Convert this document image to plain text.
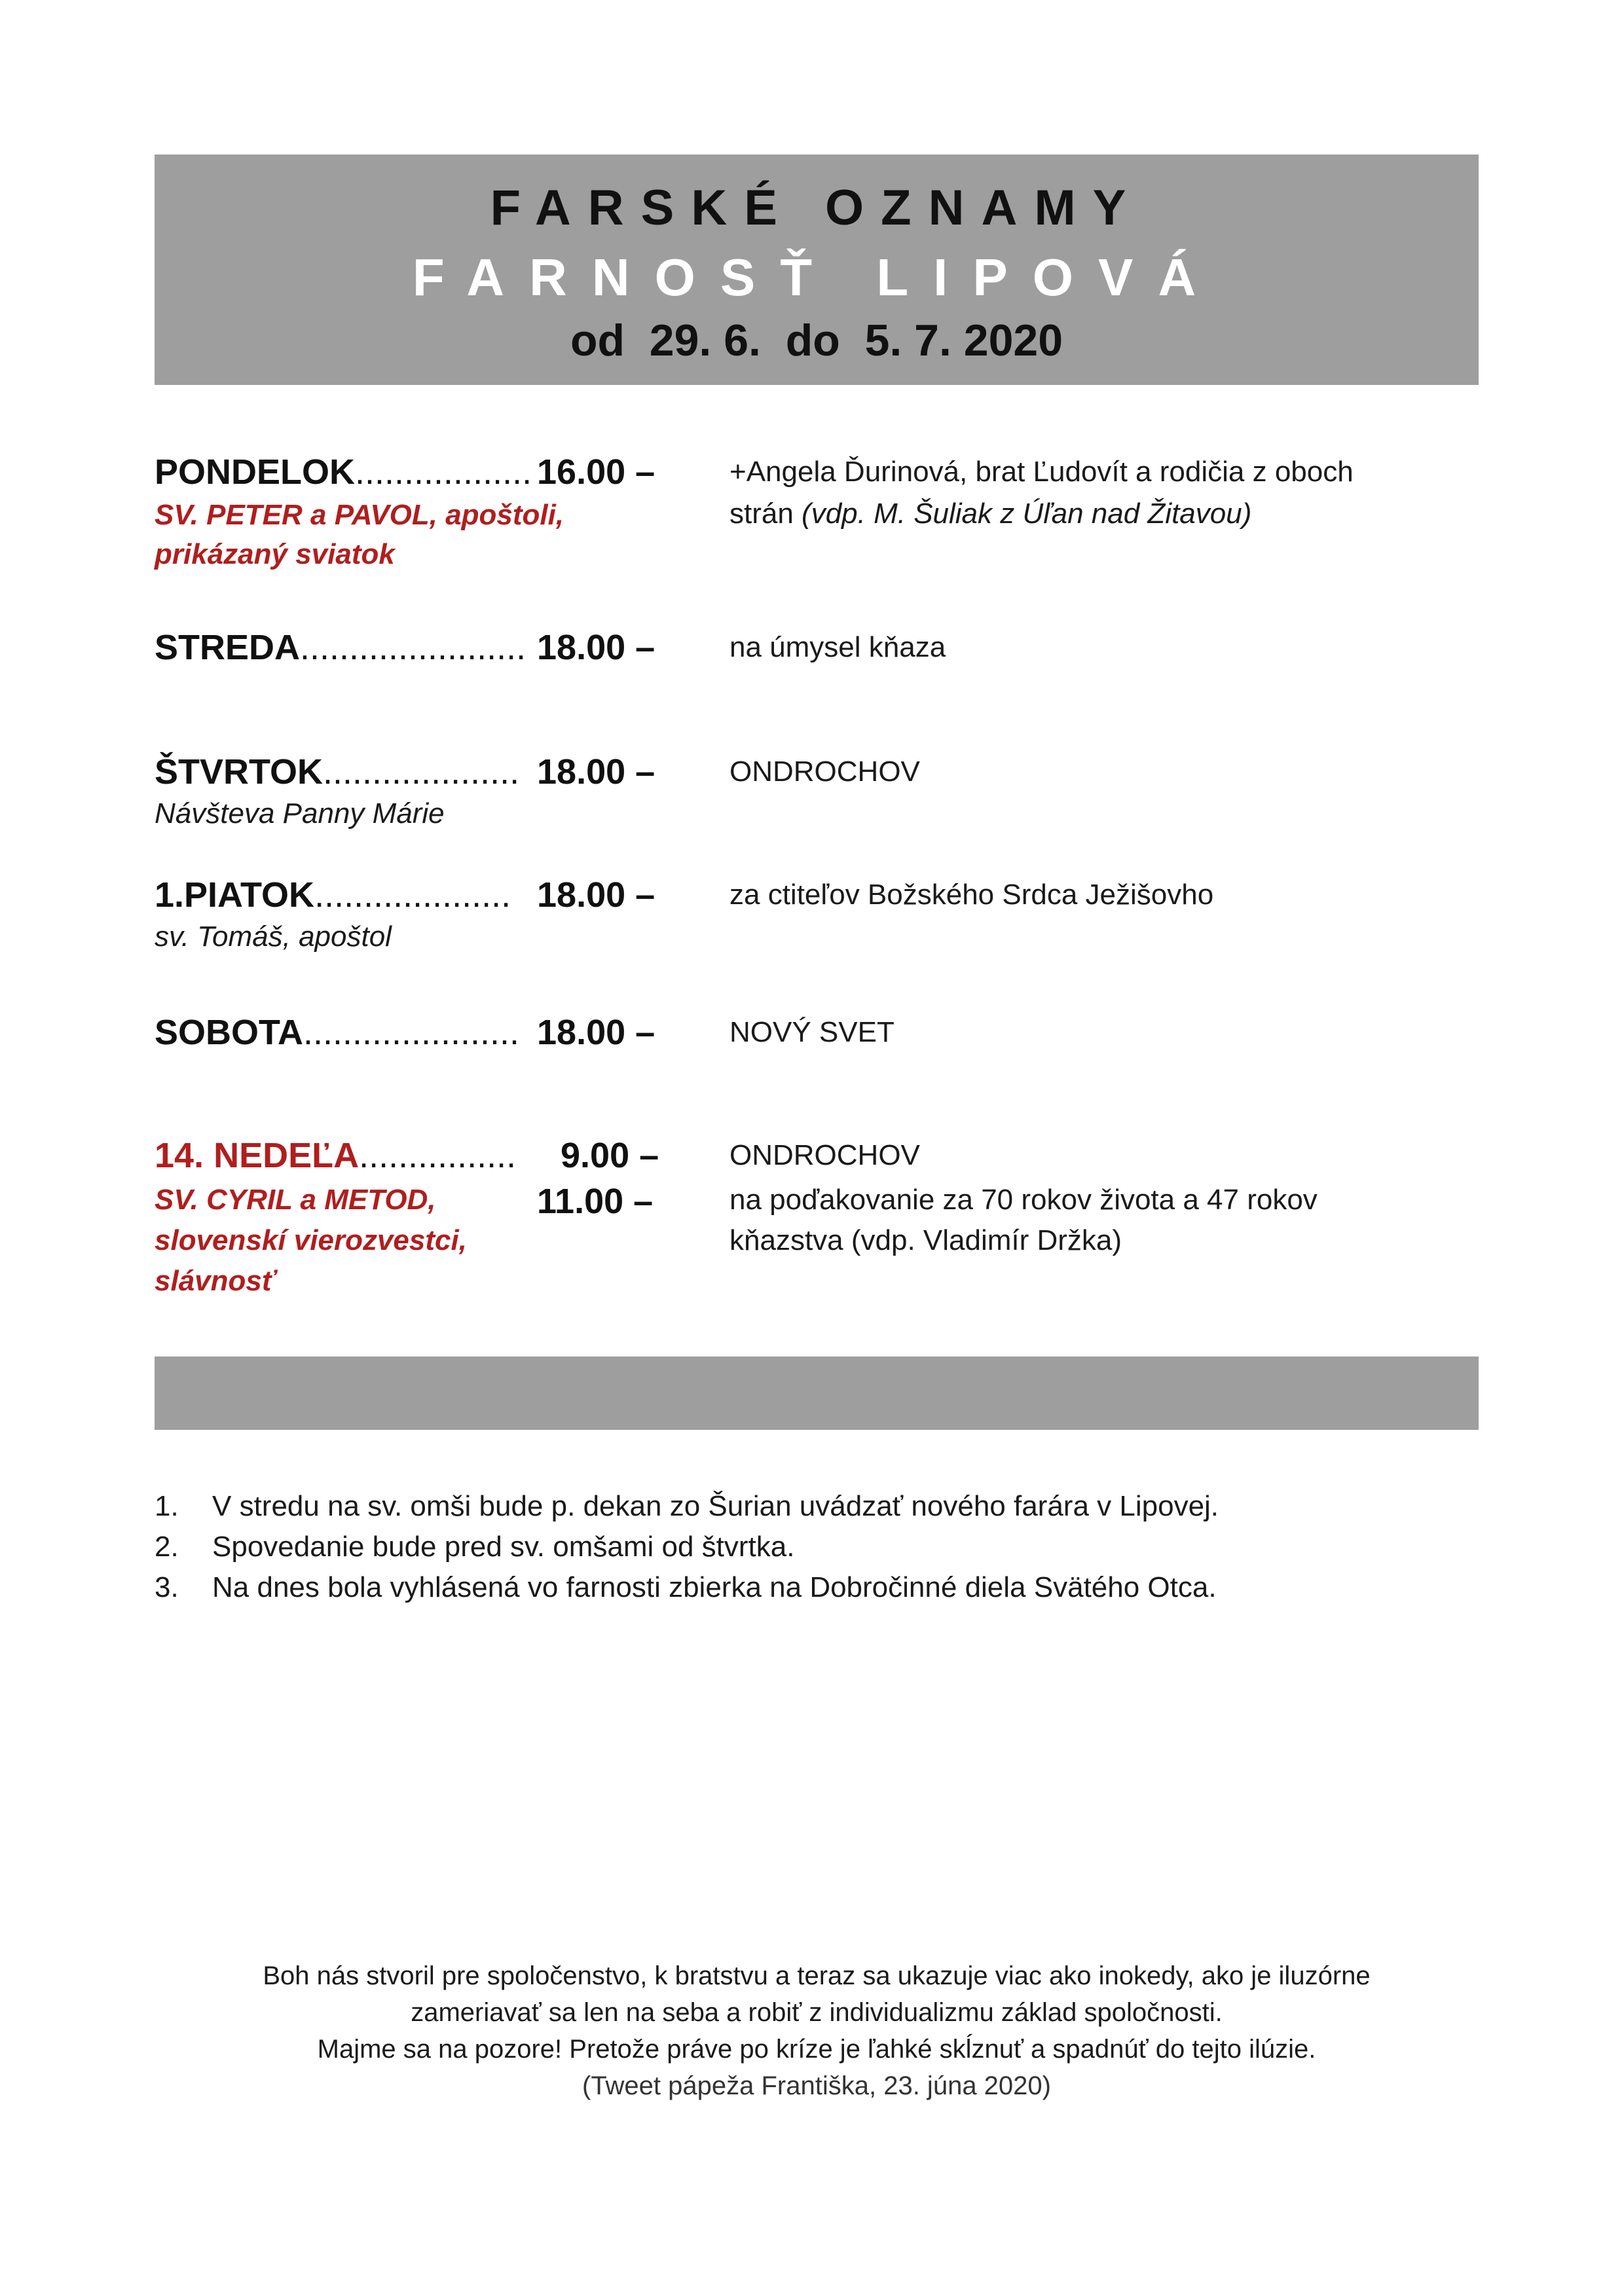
FARSKÉ OZNAMY
FARNOSŤ LIPOVÁ
od  29. 6.  do  5. 7. 2020
PONDELOK.................. 16.00 –
SV. PETER a PAVOL, apoštoli,
prikázaný sviatok
+Angela Ďurinová, brat Ľudovít a rodičia z oboch
strán (vdp. M. Šuliak z Úľan nad Žitavou)
STREDA....................... 18.00 –	na úmysel kňaza
ŠTVRTOK.................... 18.00 –
Návšteva Panny Márie
ONDROCHOV
1.PIATOK.................... 18.00 –
sv. Tomáš, apoštol
za ctiteľov Božského Srdca Ježišovho
SOBOTA...................... 18.00 –	NOVÝ SVET
14. NEDEĽA................ 9.00 –
11.00 –
SV. CYRIL a METOD,
slovenskí vierozvestci,
slávnosť
ONDROCHOV
na poďakovanie za 70 rokov života a 47 rokov
kňazstva (vdp. Vladimír Držka)
1. V stredu na sv. omši bude p. dekan zo Šurian uvádzať nového farára v Lipovej.
2. Spovedanie bude pred sv. omšami od štvrtka.
3. Na dnes bola vyhlásená vo farnosti zbierka na Dobročinné diela Svätého Otca.
Boh nás stvoril pre spoločenstvo, k bratstvu a teraz sa ukazuje viac ako inokedy, ako je iluzórne
zameriavať sa len na seba a robiť z individualizmu základ spoločnosti.
Majme sa na pozore! Pretože práve po kríze je ľahké skĺznuť a spadnúť do tejto ilúzie.
(Tweet pápeža Františka, 23. júna 2020)
